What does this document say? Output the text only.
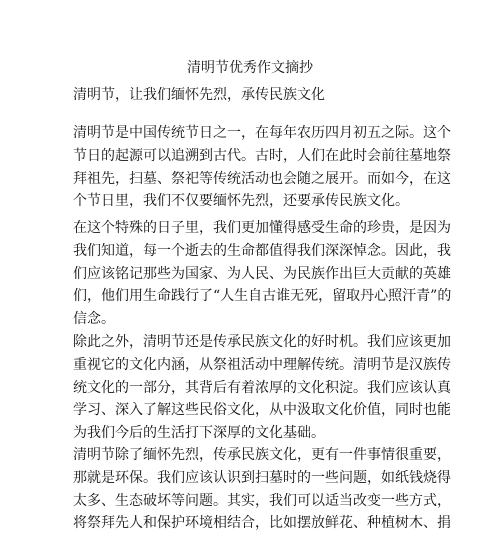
清明节优秀作文摘抄

清明节，让我们缅怀先烈，承传民族文化

清明节是中国传统节日之一，在每年农历四月初五之际。这个
节日的起源可以追溯到古代。古时，人们在此时会前往墓地祭
拜祖先，扫墓、祭祀等传统活动也会随之展开。而如今，在这
个节日里，我们不仅要缅怀先烈，还要承传民族文化。
在这个特殊的日子里，我们更加懂得感受生命的珍贵，是因为
我们知道，每一个逝去的生命都值得我们深深悼念。因此，我
们应该铭记那些为国家、为人民、为民族作出巨大贡献的英雄
们，他们用生命践行了“人生自古谁无死，留取丹心照汗青”的
信念。
除此之外，清明节还是传承民族文化的好时机。我们应该更加
重视它的文化内涵，从祭祖活动中理解传统。清明节是汉族传
统文化的一部分，其背后有着浓厚的文化积淀。我们应该认真
学习、深入了解这些民俗文化，从中汲取文化价值，同时也能
为我们今后的生活打下深厚的文化基础。
清明节除了缅怀先烈，传承民族文化，更有一件事情很重要，
那就是环保。我们应该认识到扫墓时的一些问题，如纸钱烧得
太多、生态破坏等问题。其实，我们可以适当改变一些方式，
将祭拜先人和保护环境相结合，比如摆放鲜花、种植树木、捐
